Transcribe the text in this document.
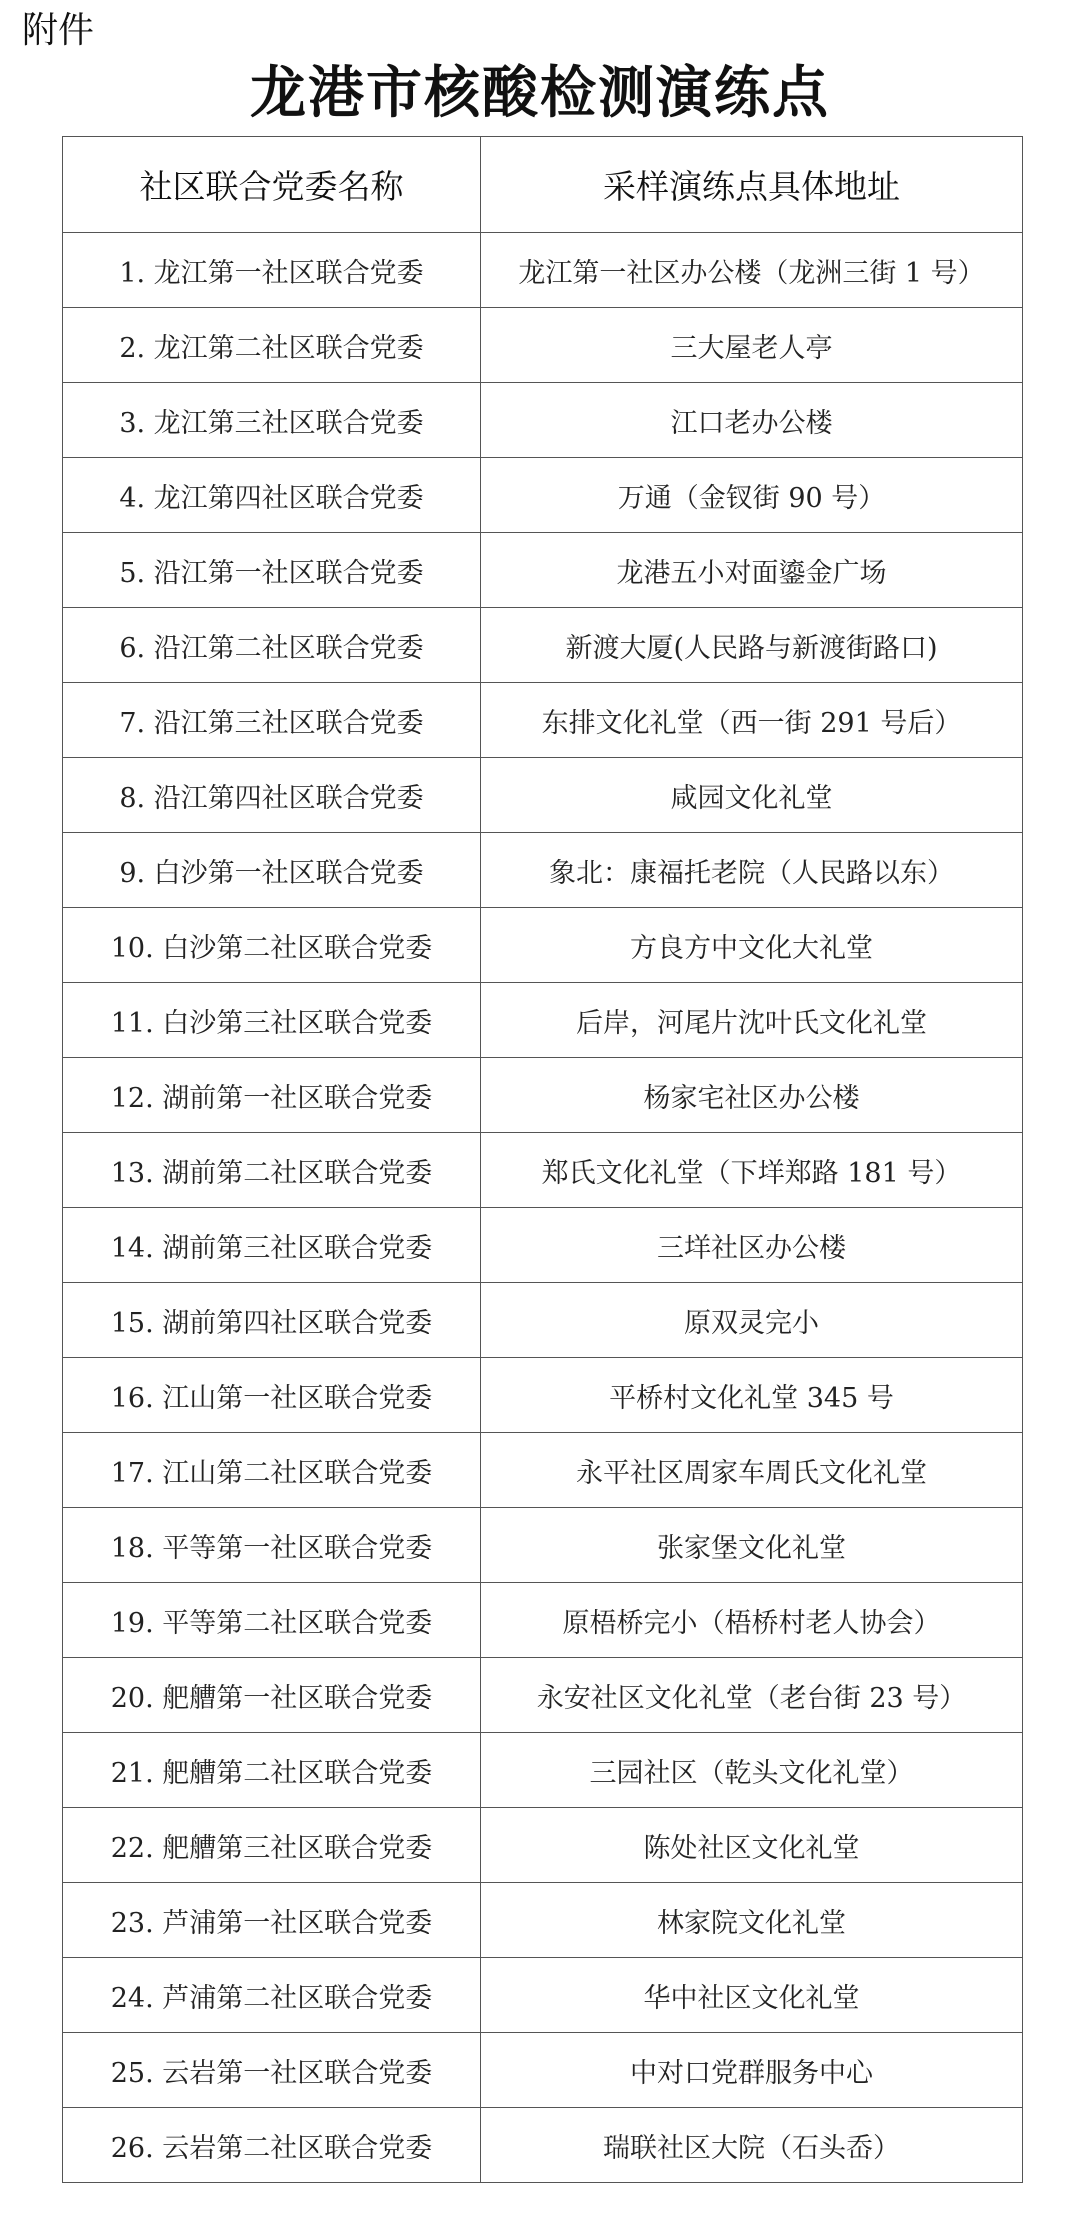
附件
龙港市核酸检测演练点
社区联合党委名称	采样演练点具体地址
1. 龙江第一社区联合党委	龙江第一社区办公楼（龙洲三街 1 号）
2. 龙江第二社区联合党委	三大屋老人亭
3. 龙江第三社区联合党委	江口老办公楼
4. 龙江第四社区联合党委	万通（金钗街 90 号）
5. 沿江第一社区联合党委	龙港五小对面鎏金广场
6. 沿江第二社区联合党委	新渡大厦(人民路与新渡街路口)
7. 沿江第三社区联合党委	东排文化礼堂（西一街 291 号后）
8. 沿江第四社区联合党委	咸园文化礼堂
9. 白沙第一社区联合党委	象北：康福托老院（人民路以东）
10. 白沙第二社区联合党委	方良方中文化大礼堂
11. 白沙第三社区联合党委	后岸，河尾片沈叶氏文化礼堂
12. 湖前第一社区联合党委	杨家宅社区办公楼
13. 湖前第二社区联合党委	郑氏文化礼堂（下垟郑路 181 号）
14. 湖前第三社区联合党委	三垟社区办公楼
15. 湖前第四社区联合党委	原双灵完小
16. 江山第一社区联合党委	平桥村文化礼堂 345 号
17. 江山第二社区联合党委	永平社区周家车周氏文化礼堂
18. 平等第一社区联合党委	张家堡文化礼堂
19. 平等第二社区联合党委	原梧桥完小（梧桥村老人协会）
20. 舥艚第一社区联合党委	永安社区文化礼堂（老台街 23 号）
21. 舥艚第二社区联合党委	三园社区（乾头文化礼堂）
22. 舥艚第三社区联合党委	陈处社区文化礼堂
23. 芦浦第一社区联合党委	林家院文化礼堂
24. 芦浦第二社区联合党委	华中社区文化礼堂
25. 云岩第一社区联合党委	中对口党群服务中心
26. 云岩第二社区联合党委	瑞联社区大院（石头岙）
